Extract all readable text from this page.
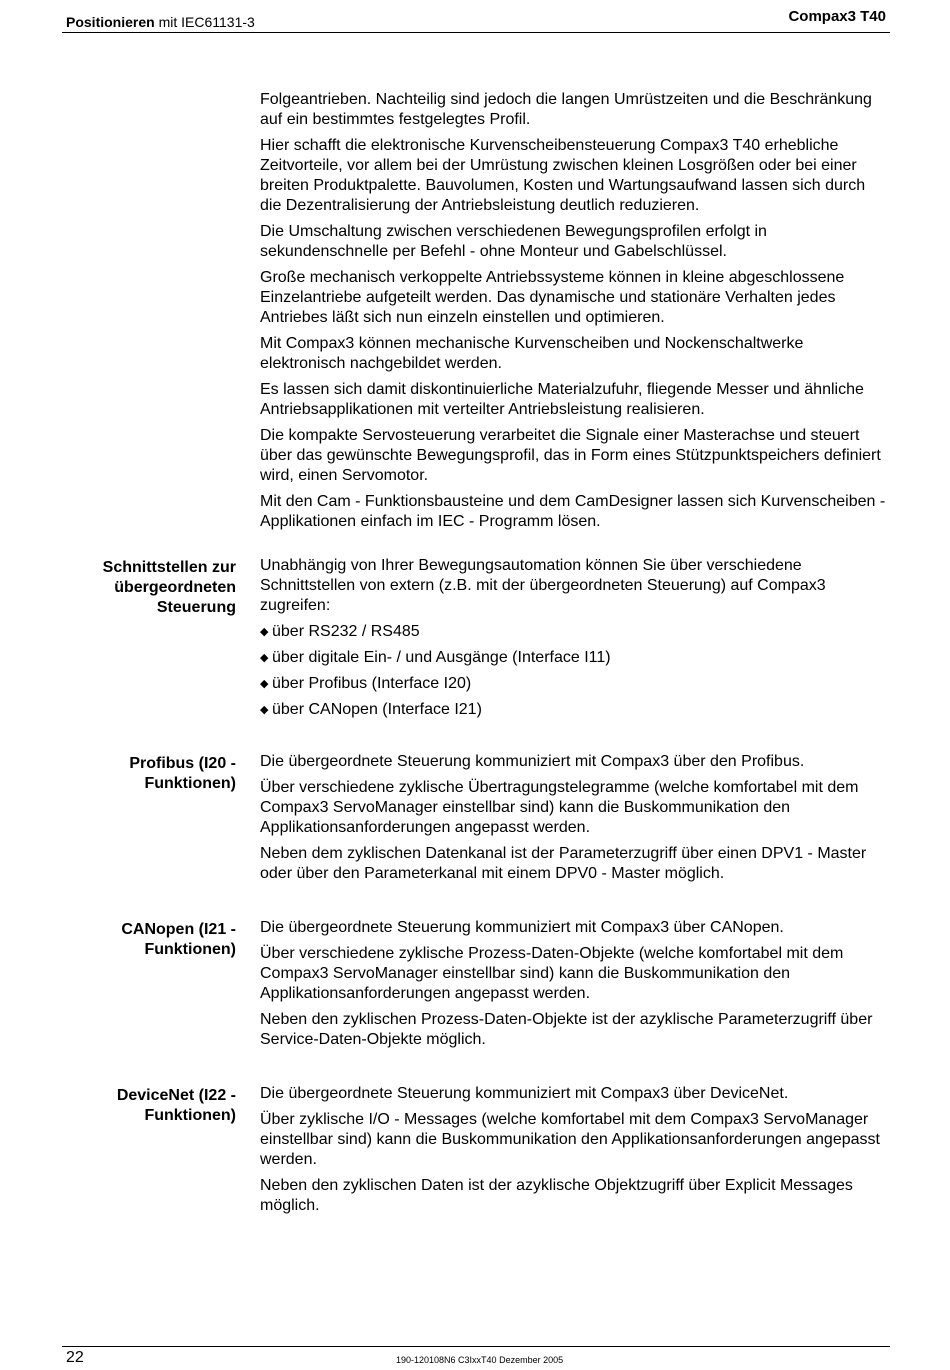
Positionieren mit IEC61131-3	Compax3 T40

Folgeantrieben. Nachteilig sind jedoch die langen Umrüstzeiten und die Beschränkung auf ein bestimmtes festgelegtes Profil.

Hier schafft die elektronische Kurvenscheibensteuerung Compax3 T40 erhebliche Zeitvorteile, vor allem bei der Umrüstung zwischen kleinen Losgrößen oder bei einer breiten Produktpalette. Bauvolumen, Kosten und Wartungsaufwand lassen sich durch die Dezentralisierung der Antriebsleistung deutlich reduzieren.

Die Umschaltung zwischen verschiedenen Bewegungsprofilen erfolgt in sekundenschnelle per Befehl - ohne Monteur und Gabelschlüssel.

Große mechanisch verkoppelte Antriebssysteme können in kleine abgeschlossene Einzelantriebe aufgeteilt werden. Das dynamische und stationäre Verhalten jedes Antriebes läßt sich nun einzeln einstellen und optimieren.

Mit Compax3 können mechanische Kurvenscheiben und Nockenschaltwerke elektronisch nachgebildet werden.

Es lassen sich damit diskontinuierliche Materialzufuhr, fliegende Messer und ähnliche Antriebsapplikationen mit verteilter Antriebsleistung realisieren.

Die kompakte Servosteuerung verarbeitet die Signale einer Masterachse und steuert über das gewünschte Bewegungsprofil, das in Form eines Stützpunktspeichers definiert wird, einen Servomotor.

Mit den Cam - Funktionsbausteine und dem CamDesigner lassen sich Kurvenscheiben - Applikationen einfach im IEC - Programm lösen.

Schnittstellen zur übergeordneten Steuerung

Unabhängig von Ihrer Bewegungsautomation können Sie über verschiedene Schnittstellen von extern (z.B. mit der übergeordneten Steuerung) auf Compax3 zugreifen:

◆ über RS232 / RS485
◆ über digitale Ein- / und Ausgänge (Interface I11)
◆ über Profibus (Interface I20)
◆ über CANopen (Interface I21)
Profibus (I20 - Funktionen)

Die übergeordnete Steuerung kommuniziert mit Compax3 über den Profibus.

Über verschiedene zyklische Übertragungstelegramme (welche komfortabel mit dem Compax3 ServoManager einstellbar sind) kann die Buskommunikation den Applikationsanforderungen angepasst werden.

Neben dem zyklischen Datenkanal ist der Parameterzugriff über einen DPV1 - Master oder über den Parameterkanal mit einem DPV0 - Master möglich.

CANopen (I21 - Funktionen)

Die übergeordnete Steuerung kommuniziert mit Compax3 über CANopen.

Über verschiedene zyklische Prozess-Daten-Objekte (welche komfortabel mit dem Compax3 ServoManager einstellbar sind) kann die Buskommunikation den Applikationsanforderungen angepasst werden.

Neben den zyklischen Prozess-Daten-Objekte ist der azyklische Parameterzugriff über Service-Daten-Objekte möglich.

DeviceNet (I22 - Funktionen)

Die übergeordnete Steuerung kommuniziert mit Compax3 über DeviceNet.

Über zyklische I/O - Messages (welche komfortabel mit dem Compax3 ServoManager einstellbar sind) kann die Buskommunikation den Applikationsanforderungen angepasst werden.

Neben den zyklischen Daten ist der azyklische Objektzugriff über Explicit Messages möglich.

22	190-120108N6 C3IxxT40 Dezember 2005
